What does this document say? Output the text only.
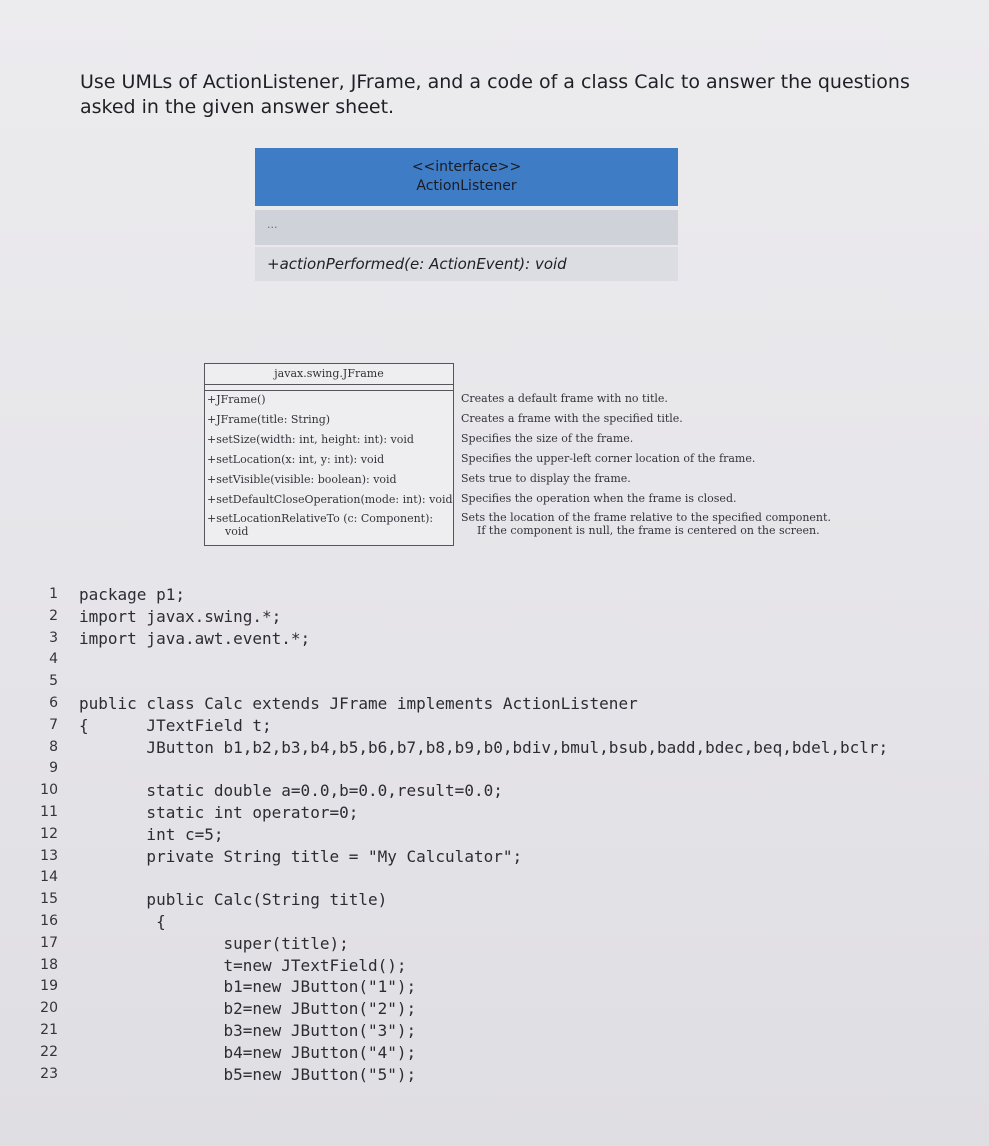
Use UMLs of ActionListener, JFrame, and a code of a class Calc to answer the questions asked in the given answer sheet.
<<interface>>
ActionListener
...
+actionPerformed(e: ActionEvent): void
javax.swing.JFrame
+JFrame()
+JFrame(title: String)
+setSize(width: int, height: int): void
+setLocation(x: int, y: int): void
+setVisible(visible: boolean): void
+setDefaultCloseOperation(mode: int): void
+setLocationRelativeTo (c: Component):
void
Creates a default frame with no title.
Creates a frame with the specified title.
Specifies the size of the frame.
Specifies the upper-left corner location of the frame.
Sets true to display the frame.
Specifies the operation when the frame is closed.
Sets the location of the frame relative to the specified component.
If the component is null, the frame is centered on the screen.
1 package p1;
2 import javax.swing.*;
3 import java.awt.event.*;
4
5
6 public class Calc extends JFrame implements ActionListener
7 {      JTextField t;
8 JButton b1,b2,b3,b4,b5,b6,b7,b8,b9,b0,bdiv,bmul,bsub,badd,bdec,beq,bdel,bclr;
9
10 static double a=0.0,b=0.0,result=0.0;
11 static int operator=0;
12 int c=5;
13 private String title = "My Calculator";
14
15 public Calc(String title)
16 {
17 super(title);
18 t=new JTextField();
19 b1=new JButton("1");
20 b2=new JButton("2");
21 b3=new JButton("3");
22 b4=new JButton("4");
23 b5=new JButton("5");
